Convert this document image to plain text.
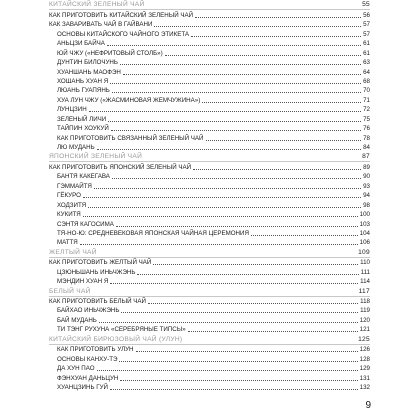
КИТАЙСКИЙ ЗЕЛЕНЫЙ ЧАЙ	55
КАК ПРИГОТОВИТЬ КИТАЙСКИЙ ЗЕЛЕНЫЙ ЧАЙ	56
КАК ЗАВАРИВАТЬ ЧАЙ В ГАЙВАНИ	57
ОСНОВЫ КИТАЙСКОГО ЧАЙНОГО ЭТИКЕТА	57
АНЬЦЗИ БАЙЧА	61
ЮЙ ЧЖУ («НЕФРИТОВЫЙ СТОЛБ»)	61
ДУНТИН БИЛОЧУНЬ	63
ХУАНШАНЬ МАОФЭН	64
ХОШАНЬ ХУАН Я	68
ЛЮАНЬ ГУАПЯНЬ	70
ХУА ЛУН ЧЖУ («ЖАСМИНОВАЯ ЖЕМЧУЖИНА»)	71
ЛУНЦЗИН	72
ЗЕЛЕНЫЙ ЛИЧИ	75
ТАЙПИН ХОУКУЙ	76
КАК ПРИГОТОВИТЬ СВЯЗАННЫЙ ЗЕЛЕНЫЙ ЧАЙ	78
ЛЮ МУДАНЬ	84
ЯПОНСКИЙ ЗЕЛЕНЫЙ ЧАЙ	87
КАК ПРИГОТОВИТЬ ЯПОНСКИЙ ЗЕЛЕНЫЙ ЧАЙ	89
БАНТЯ КАКЕГАВА	90
ГЭММАЙТЯ	93
ГЁКУРО	94
ХОДЗИТЯ	98
КУКИТЯ	100
СЭНТЯ КАГОСИМА	103
ТЯ-НО-Ю: СРЕДНЕВЕКОВАЯ ЯПОНСКАЯ ЧАЙНАЯ ЦЕРЕМОНИЯ	104
МАТТЯ	106
ЖЕЛТЫЙ ЧАЙ	109
КАК ПРИГОТОВИТЬ ЖЕЛТЫЙ ЧАЙ	110
ЦЗЮНЬШАНЬ ИНЬЧЖЭНЬ	111
МЭНДИН ХУАН Я	114
БЕЛЫЙ ЧАЙ	117
КАК ПРИГОТОВИТЬ БЕЛЫЙ ЧАЙ	118
БАЙХАО ИНЬЧЖЭНЬ	119
БАЙ МУДАНЬ	120
ТИ ТЭНГ РУХУНА «СЕРЕБРЯНЫЕ ТИПСЫ»	121
КИТАЙСКИЙ БИРЮЗОВЫЙ ЧАЙ (УЛУН)	125
КАК ПРИГОТОВИТЬ УЛУН	126
ОСНОВЫ КАНХУ-ТЭ	128
ДА ХУН ПАО	129
ФЭНХУАН ДАНЬЦУН	131
ХУАНЦЗИНЬ ГУЙ	132
9
